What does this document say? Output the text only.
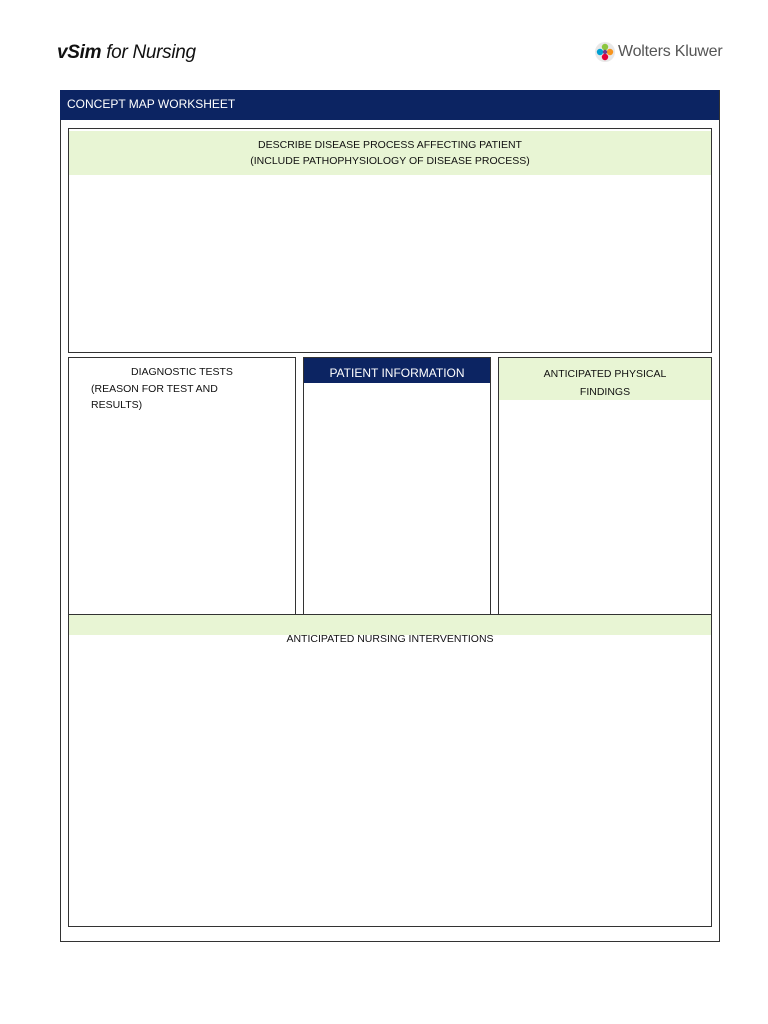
vSim for Nursing	Wolters Kluwer
CONCEPT MAP WORKSHEET
DESCRIBE DISEASE PROCESS AFFECTING PATIENT
(INCLUDE PATHOPHYSIOLOGY OF DISEASE PROCESS)
DIAGNOSTIC TESTS
(REASON FOR TEST AND
RESULTS)
PATIENT INFORMATION	ANTICIPATED PHYSICAL
FINDINGS
ANTICIPATED NURSING INTERVENTIONS
